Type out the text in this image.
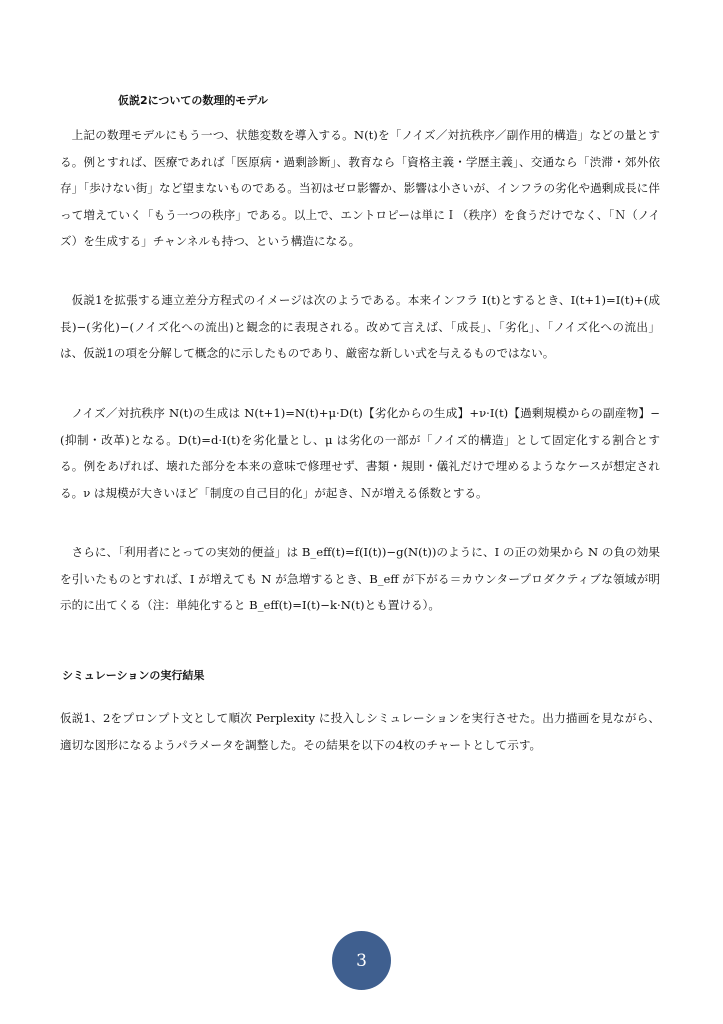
仮説2についての数理的モデル

上記の数理モデルにもう一つ、状態変数を導入する。N(t)を「ノイズ／対抗秩序／副作用的構造」などの量とする。例とすれば、医療であれば「医原病・過剰診断」、教育なら「資格主義・学歴主義」、交通なら「渋滞・郊外依存」「歩けない街」など望まないものである。当初はゼロ影響か、影響は小さいが、インフラの劣化や過剰成長に伴って増えていく「もう一つの秩序」である。以上で、エントロピーは単にＩ（秩序）を食うだけでなく、「Ｎ（ノイズ）を生成する」チャンネルも持つ、という構造になる。

仮説1を拡張する連立差分方程式のイメージは次のようである。本来インフラ I(t)とするとき、I(t+1)=I(t)+(成長)−(劣化)−(ノイズ化への流出)と観念的に表現される。改めて言えば、「成長」、「劣化」、「ノイズ化への流出」は、仮説1の項を分解して概念的に示したものであり、厳密な新しい式を与えるものではない。

ノイズ／対抗秩序 N(t)の生成は N(t+1)=N(t)+μ·D(t)【劣化からの生成】+ν·I(t)【過剰規模からの副産物】−(抑制・改革)となる。D(t)=d·I(t)を劣化量とし、μ は劣化の一部が「ノイズ的構造」として固定化する割合とする。例をあげれば、壊れた部分を本来の意味で修理せず、書類・規則・儀礼だけで埋めるようなケースが想定される。ν は規模が大きいほど「制度の自己目的化」が起き、Ｎが増える係数とする。

さらに、「利用者にとっての実効的便益」は B_eff(t)=f(I(t))−g(N(t))のように、I の正の効果から N の負の効果を引いたものとすれば、I が増えても N が急増するとき、B_eff が下がる＝カウンタープロダクティブな領域が明示的に出てくる（注：単純化すると B_eff(t)=I(t)−k·N(t)とも置ける）。

シミュレーションの実行結果

仮説1、2をプロンプト文として順次 Perplexity に投入しシミュレーションを実行させた。出力描画を見ながら、適切な図形になるようパラメータを調整した。その結果を以下の4枚のチャートとして示す。

3
